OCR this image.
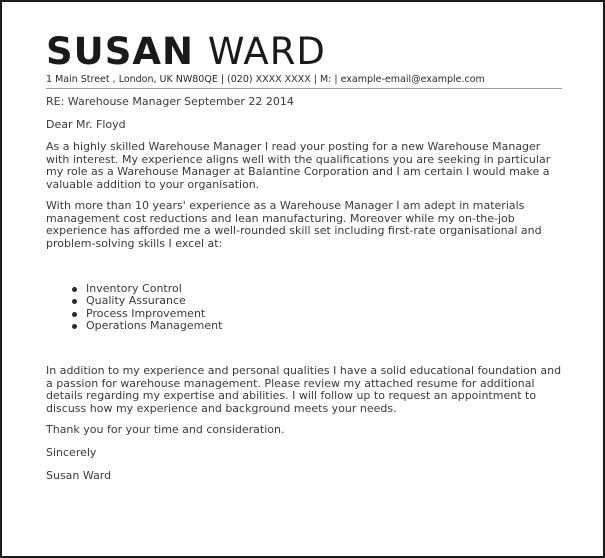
SUSAN WARD
1 Main Street , London, UK NW80QE | (020) XXXX XXXX | M: | example-email@example.com

RE: Warehouse Manager September 22 2014

Dear Mr. Floyd

As a highly skilled Warehouse Manager I read your posting for a new Warehouse Manager with interest. My experience aligns well with the qualifications you are seeking in particular my role as a Warehouse Manager at Balantine Corporation and I am certain I would make a valuable addition to your organisation.

With more than 10 years' experience as a Warehouse Manager I am adept in materials management cost reductions and lean manufacturing. Moreover while my on-the-job experience has afforded me a well-rounded skill set including first-rate organisational and problem-solving skills I excel at:

Inventory Control
Quality Assurance
Process Improvement
Operations Management

In addition to my experience and personal qualities I have a solid educational foundation and a passion for warehouse management. Please review my attached resume for additional details regarding my expertise and abilities. I will follow up to request an appointment to discuss how my experience and background meets your needs.

Thank you for your time and consideration.

Sincerely

Susan Ward
